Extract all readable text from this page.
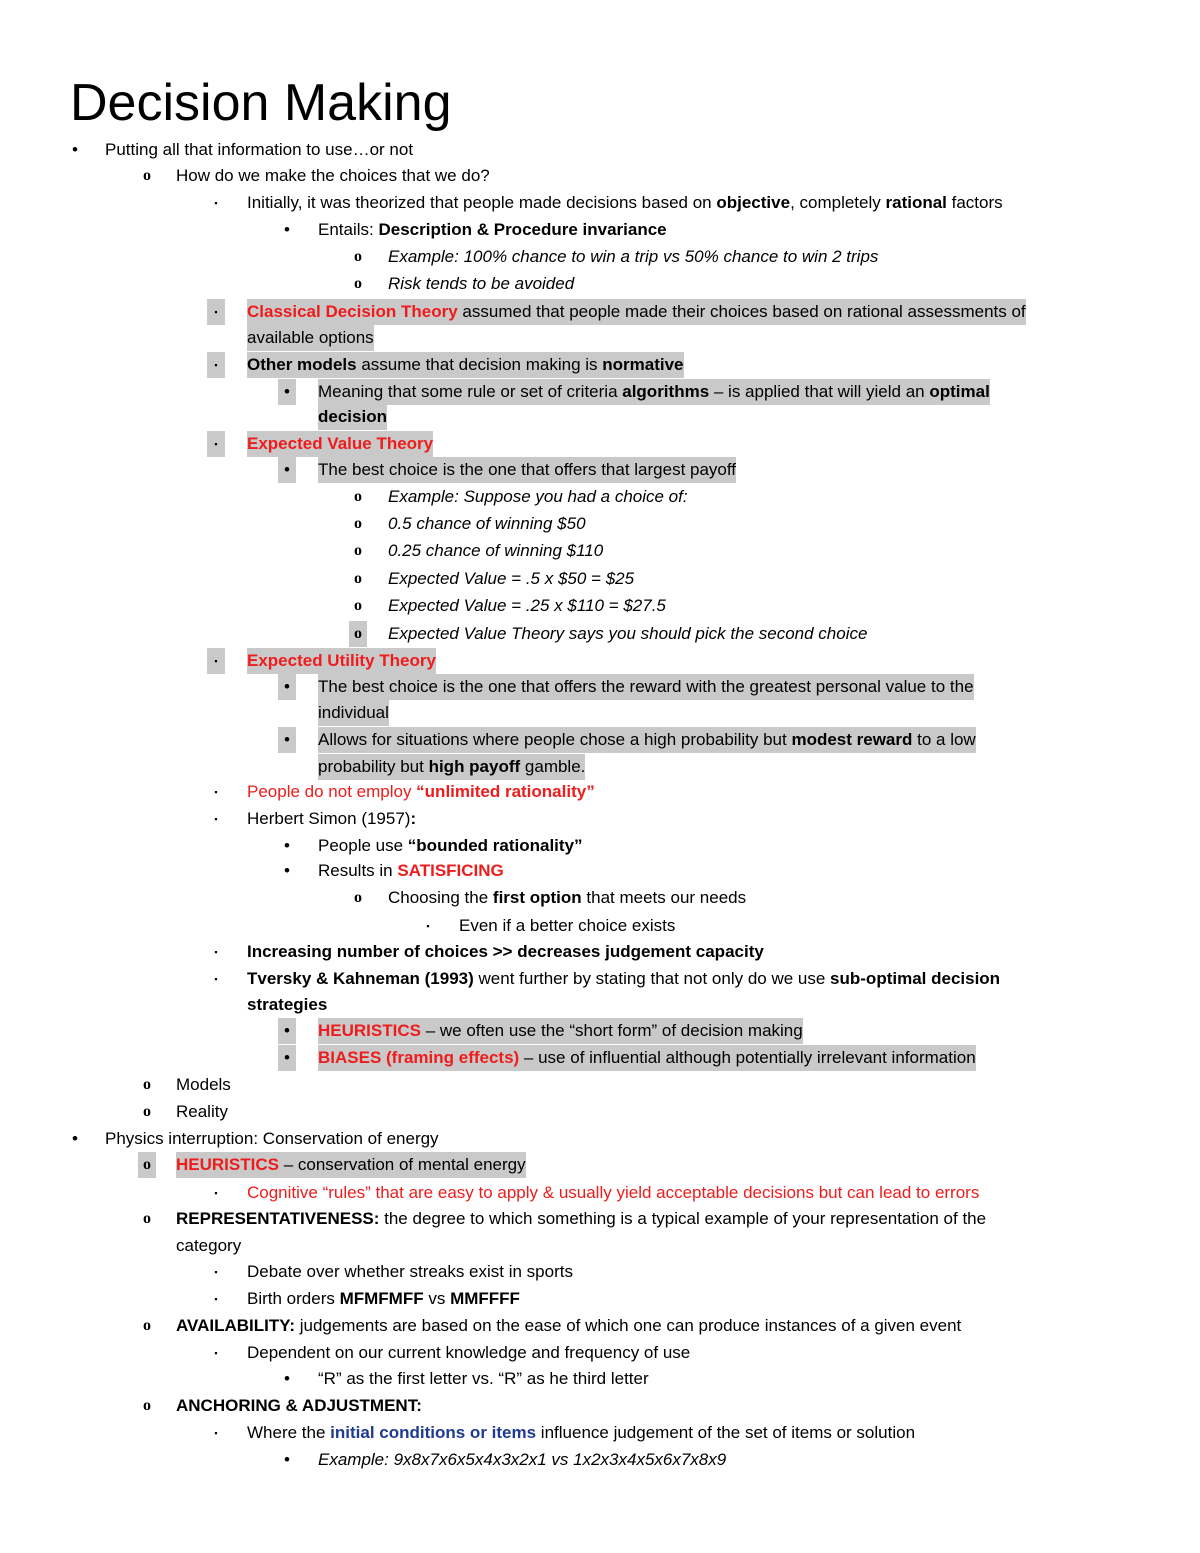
Decision Making
•	Putting all that information to use…or not
o How do we make the choices that we do?
▪	Initially, it was theorized that people made decisions based on objective, completely rational factors
•	Entails: Description & Procedure invariance
o Example: 100% chance to win a trip vs 50% chance to win 2 trips
o Risk tends to be avoided
▪	Classical Decision Theory assumed that people made their choices based on rational assessments of
available options
▪	Other models assume that decision making is normative
•	Meaning that some rule or set of criteria algorithms – is applied that will yield an optimal
decision
▪	Expected Value Theory
•	The best choice is the one that offers that largest payoff
o Example: Suppose you had a choice of:
o 0.5 chance of winning $50
o 0.25 chance of winning $110
o Expected Value = .5 x $50 = $25
o Expected Value = .25 x $110 = $27.5
o Expected Value Theory says you should pick the second choice
▪	Expected Utility Theory
•	The best choice is the one that offers the reward with the greatest personal value to the
individual
•	Allows for situations where people chose a high probability but modest reward to a low
probability but high payoff gamble.
▪	People do not employ “unlimited rationality”
▪	Herbert Simon (1957):
•	People use “bounded rationality”
•	Results in SATISFICING
o Choosing the first option that meets our needs
▪	Even if a better choice exists
▪	Increasing number of choices >> decreases judgement capacity
▪	Tversky & Kahneman (1993) went further by stating that not only do we use sub-optimal decision
strategies
•	HEURISTICS – we often use the “short form” of decision making
•	BIASES (framing effects) – use of influential although potentially irrelevant information
o Models
o Reality
•	Physics interruption: Conservation of energy
o HEURISTICS – conservation of mental energy
▪	Cognitive “rules” that are easy to apply & usually yield acceptable decisions but can lead to errors
o REPRESENTATIVENESS: the degree to which something is a typical example of your representation of the
category
▪	Debate over whether streaks exist in sports
▪	Birth orders MFMFMFF vs MMFFFF
o AVAILABILITY: judgements are based on the ease of which one can produce instances of a given event
▪	Dependent on our current knowledge and frequency of use
•	“R” as the first letter vs. “R” as he third letter
o ANCHORING & ADJUSTMENT:
▪	Where the initial conditions or items influence judgement of the set of items or solution
•	Example: 9x8x7x6x5x4x3x2x1 vs 1x2x3x4x5x6x7x8x9
